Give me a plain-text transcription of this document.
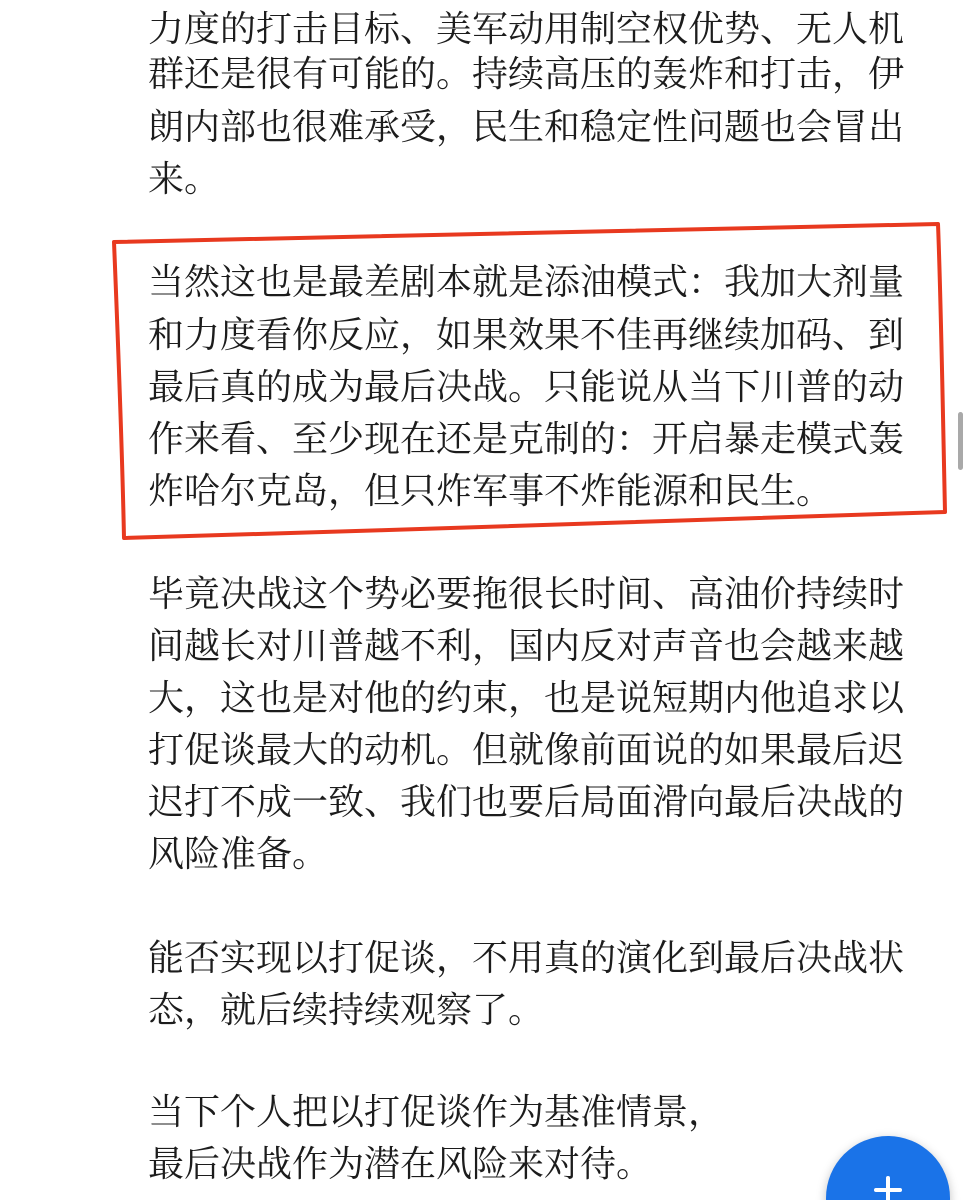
力度的打击目标、美军动用制空权优势、无人机
群还是很有可能的。持续高压的轰炸和打击，伊
朗内部也很难承受，民生和稳定性问题也会冒出
来。
当然这也是最差剧本就是添油模式：我加大剂量
和力度看你反应，如果效果不佳再继续加码、到
最后真的成为最后决战。只能说从当下川普的动
作来看、至少现在还是克制的：开启暴走模式轰
炸哈尔克岛，但只炸军事不炸能源和民生。
毕竟决战这个势必要拖很长时间、高油价持续时
间越长对川普越不利，国内反对声音也会越来越
大，这也是对他的约束，也是说短期内他追求以
打促谈最大的动机。但就像前面说的如果最后迟
迟打不成一致、我们也要后局面滑向最后决战的
风险准备。
能否实现以打促谈，不用真的演化到最后决战状
态，就后续持续观察了。
当下个人把以打促谈作为基准情景，
最后决战作为潜在风险来对待。
